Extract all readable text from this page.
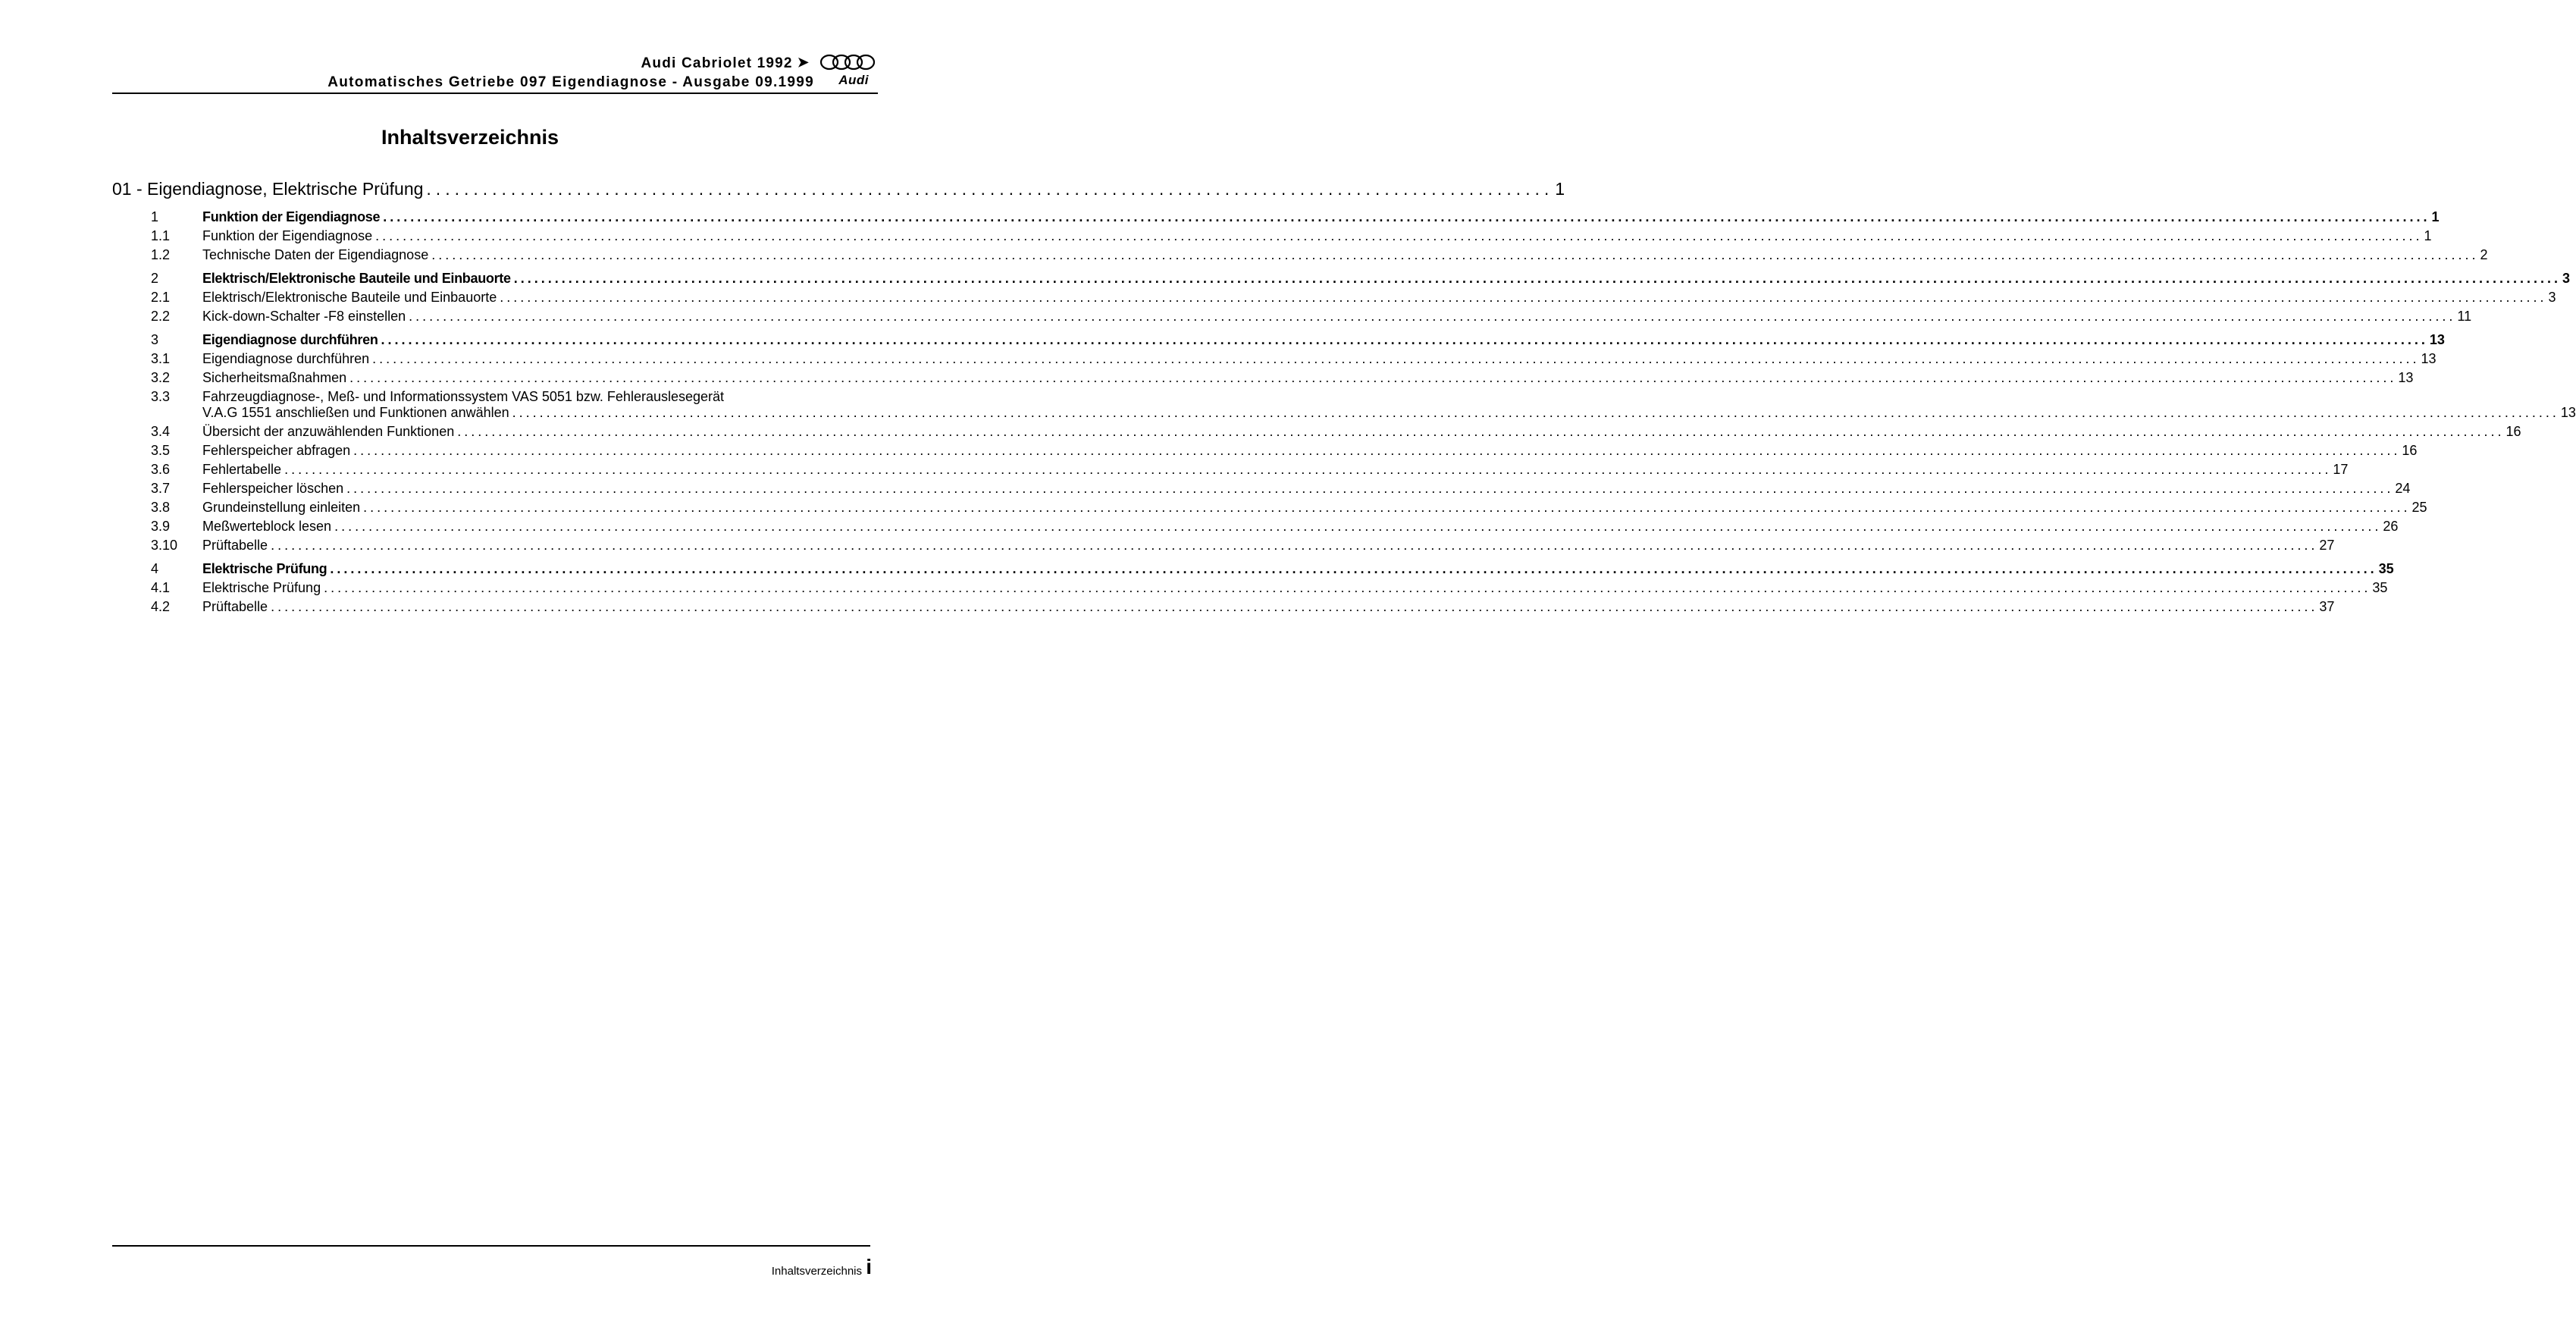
Audi Cabriolet 1992 ➤
Automatisches Getriebe 097 Eigendiagnose - Ausgabe 09.1999 Audi
Inhaltsverzeichnis
01 - Eigendiagnose, Elektrische Prüfung ........................................................................................................................ 1
1	Funktion der Eigendiagnose ............................................................................................................................................................................................................................................................................................................ 1
1.1	Funktion der Eigendiagnose ............................................................................................................................................................................................................................................................................................................ 1
1.2	Technische Daten der Eigendiagnose ............................................................................................................................................................................................................................................................................................................ 2
2	Elektrisch/Elektronische Bauteile und Einbauorte ............................................................................................................................................................................................................................................................................................................ 3
2.1	Elektrisch/Elektronische Bauteile und Einbauorte ............................................................................................................................................................................................................................................................................................................ 3
2.2	Kick-down-Schalter -F8 einstellen ............................................................................................................................................................................................................................................................................................................ 11
3	Eigendiagnose durchführen ............................................................................................................................................................................................................................................................................................................ 13
3.1	Eigendiagnose durchführen ............................................................................................................................................................................................................................................................................................................ 13
3.2	Sicherheitsmaßnahmen ............................................................................................................................................................................................................................................................................................................ 13
3.3	Fahrzeugdiagnose-, Meß- und Informationssystem VAS 5051 bzw. Fehlerauslesegerät
V.A.G 1551 anschließen und Funktionen anwählen ............................................................................................................................................................................................................................................................................................................ 13
3.4	Übersicht der anzuwählenden Funktionen ............................................................................................................................................................................................................................................................................................................ 16
3.5	Fehlerspeicher abfragen ............................................................................................................................................................................................................................................................................................................ 16
3.6	Fehlertabelle ............................................................................................................................................................................................................................................................................................................ 17
3.7	Fehlerspeicher löschen ............................................................................................................................................................................................................................................................................................................ 24
3.8	Grundeinstellung einleiten ............................................................................................................................................................................................................................................................................................................ 25
3.9	Meßwerteblock lesen ............................................................................................................................................................................................................................................................................................................ 26
3.10	Prüftabelle ............................................................................................................................................................................................................................................................................................................ 27
4	Elektrische Prüfung ............................................................................................................................................................................................................................................................................................................ 35
4.1	Elektrische Prüfung ............................................................................................................................................................................................................................................................................................................ 35
4.2	Prüftabelle ............................................................................................................................................................................................................................................................................................................ 37
Inhaltsverzeichnis i
